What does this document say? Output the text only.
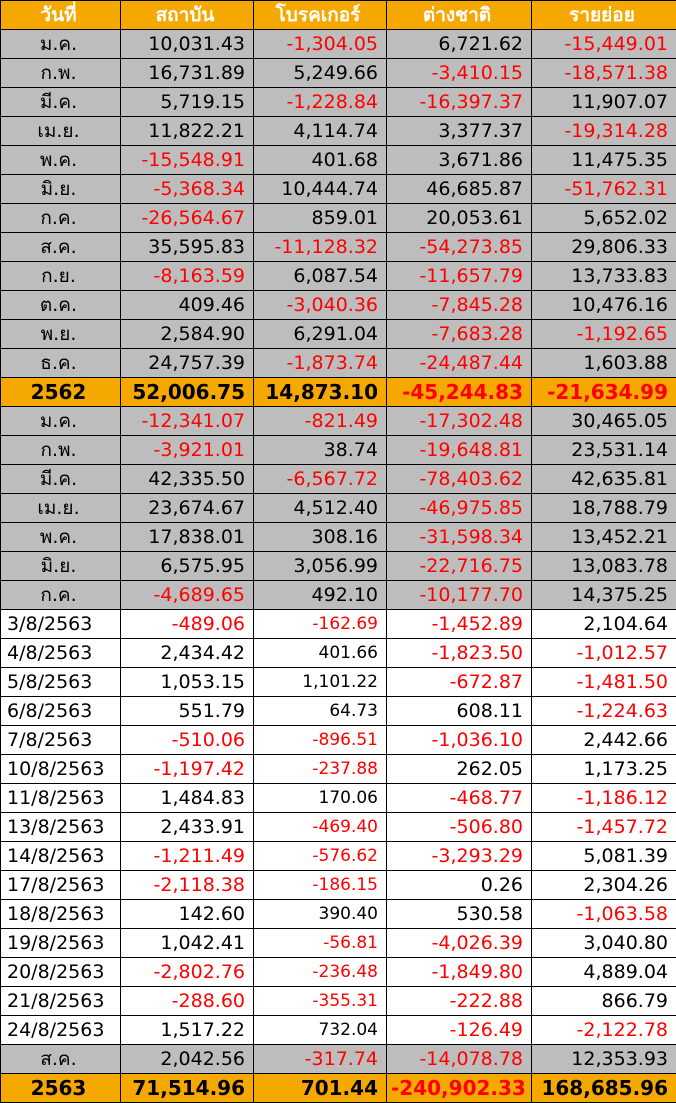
วันที่	สถาบัน	โบรคเกอร์	ต่างชาติ	รายย่อย
ม.ค.	10,031.43	-1,304.05	6,721.62	-15,449.01
ก.พ.	16,731.89	5,249.66	-3,410.15	-18,571.38
มี.ค.	5,719.15	-1,228.84	-16,397.37	11,907.07
เม.ย.	11,822.21	4,114.74	3,377.37	-19,314.28
พ.ค.	-15,548.91	401.68	3,671.86	11,475.35
มิ.ย.	-5,368.34	10,444.74	46,685.87	-51,762.31
ก.ค.	-26,564.67	859.01	20,053.61	5,652.02
ส.ค.	35,595.83	-11,128.32	-54,273.85	29,806.33
ก.ย.	-8,163.59	6,087.54	-11,657.79	13,733.83
ต.ค.	409.46	-3,040.36	-7,845.28	10,476.16
พ.ย.	2,584.90	6,291.04	-7,683.28	-1,192.65
ธ.ค.	24,757.39	-1,873.74	-24,487.44	1,603.88
2562	52,006.75	14,873.10	-45,244.83	-21,634.99
ม.ค.	-12,341.07	-821.49	-17,302.48	30,465.05
ก.พ.	-3,921.01	38.74	-19,648.81	23,531.14
มี.ค.	42,335.50	-6,567.72	-78,403.62	42,635.81
เม.ย.	23,674.67	4,512.40	-46,975.85	18,788.79
พ.ค.	17,838.01	308.16	-31,598.34	13,452.21
มิ.ย.	6,575.95	3,056.99	-22,716.75	13,083.78
ก.ค.	-4,689.65	492.10	-10,177.70	14,375.25
3/8/2563	-489.06	-162.69	-1,452.89	2,104.64
4/8/2563	2,434.42	401.66	-1,823.50	-1,012.57
5/8/2563	1,053.15	1,101.22	-672.87	-1,481.50
6/8/2563	551.79	64.73	608.11	-1,224.63
7/8/2563	-510.06	-896.51	-1,036.10	2,442.66
10/8/2563	-1,197.42	-237.88	262.05	1,173.25
11/8/2563	1,484.83	170.06	-468.77	-1,186.12
13/8/2563	2,433.91	-469.40	-506.80	-1,457.72
14/8/2563	-1,211.49	-576.62	-3,293.29	5,081.39
17/8/2563	-2,118.38	-186.15	0.26	2,304.26
18/8/2563	142.60	390.40	530.58	-1,063.58
19/8/2563	1,042.41	-56.81	-4,026.39	3,040.80
20/8/2563	-2,802.76	-236.48	-1,849.80	4,889.04
21/8/2563	-288.60	-355.31	-222.88	866.79
24/8/2563	1,517.22	732.04	-126.49	-2,122.78
ส.ค.	2,042.56	-317.74	-14,078.78	12,353.93
2563	71,514.96	701.44	-240,902.33	168,685.96
